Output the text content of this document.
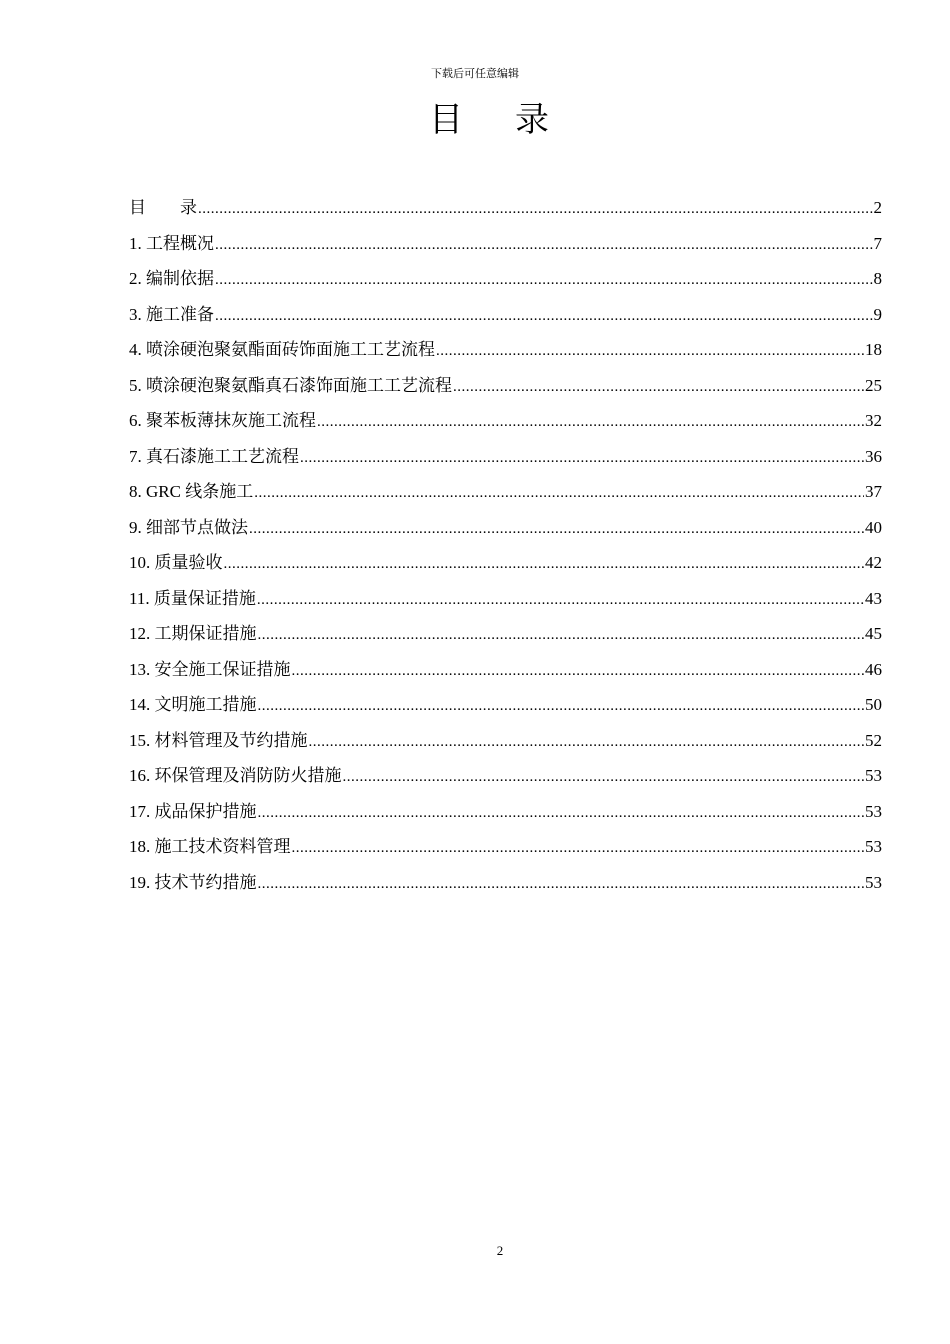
下载后可任意编辑
目 录
目　　录 .....	2
1. 工程概况 .....	7
2. 编制依据 .....	8
3. 施工准备 .....	9
4. 喷涂硬泡聚氨酯面砖饰面施工工艺流程 .....	18
5. 喷涂硬泡聚氨酯真石漆饰面施工工艺流程 .....	25
6. 聚苯板薄抹灰施工流程 .....	32
7. 真石漆施工工艺流程 .....	36
8. GRC 线条施工 .....	37
9. 细部节点做法 .....	40
10. 质量验收 .....	42
11. 质量保证措施 .....	43
12. 工期保证措施 .....	45
13. 安全施工保证措施 .....	46
14. 文明施工措施 .....	50
15. 材料管理及节约措施 .....	52
16. 环保管理及消防防火措施 .....	53
17. 成品保护措施 .....	53
18. 施工技术资料管理 .....	53
19. 技术节约措施 .....	53
2
